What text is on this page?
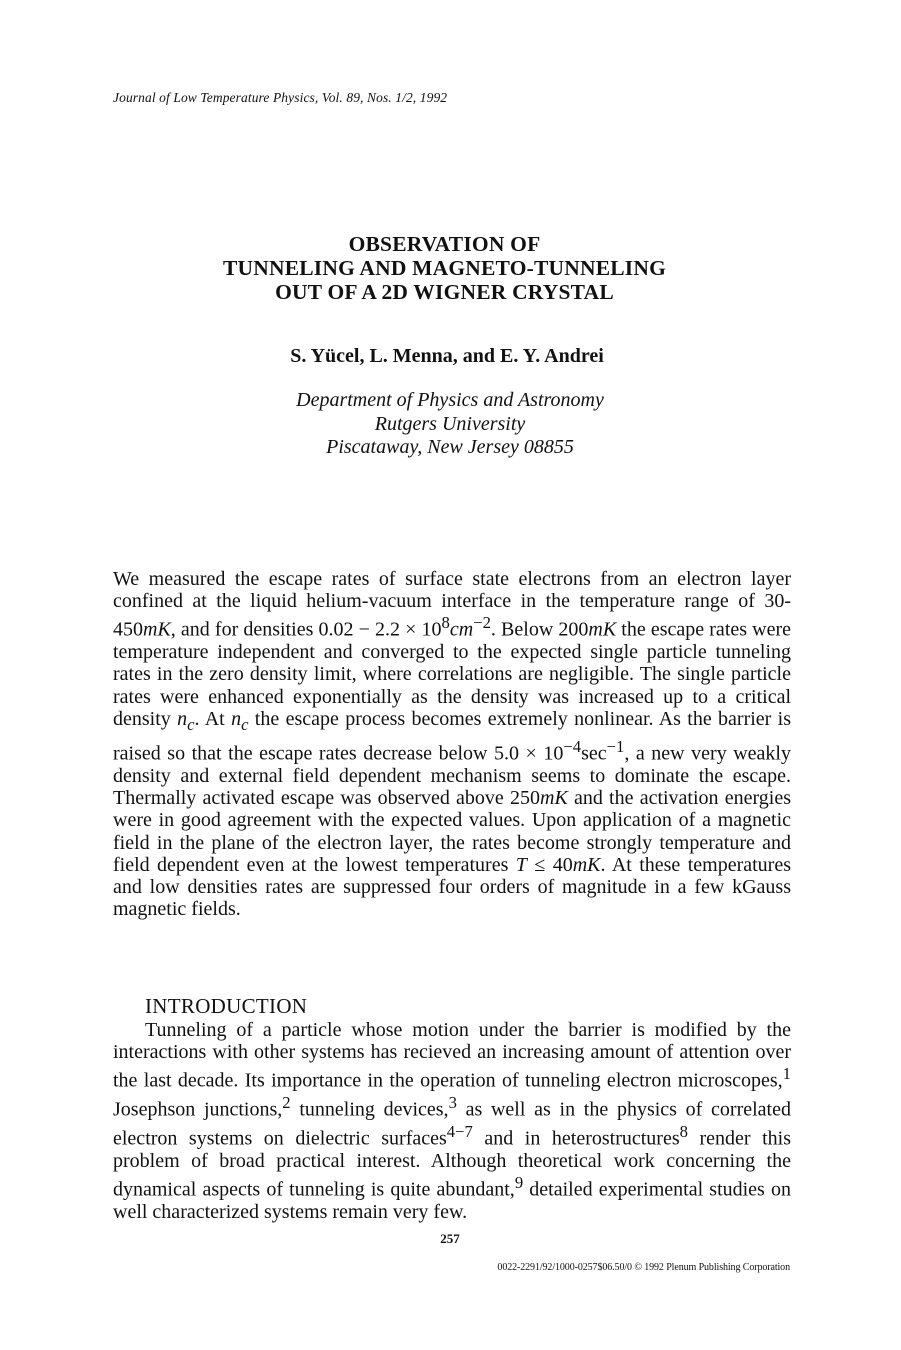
Journal of Low Temperature Physics, Vol. 89, Nos. 1/2, 1992
OBSERVATION OF
TUNNELING AND MAGNETO-TUNNELING
OUT OF A 2D WIGNER CRYSTAL
S. Yücel, L. Menna, and E. Y. Andrei
Department of Physics and Astronomy
Rutgers University
Piscataway, New Jersey 08855
We measured the escape rates of surface state electrons from an electron layer confined at the liquid helium-vacuum interface in the temperature range of 30-450mK, and for densities $0.02 - 2.2 \times 10^8cm^{-2}$. Below 200mK the escape rates were temperature independent and converged to the expected single particle tunneling rates in the zero density limit, where correlations are negligible. The single particle rates were enhanced exponentially as the density was increased up to a critical density $n_c$. At $n_c$ the escape process becomes extremely nonlinear. As the barrier is raised so that the escape rates decrease below $5.0 \times 10^{-4}\sec^{-1}$, a new very weakly density and external field dependent mechanism seems to dominate the escape. Thermally activated escape was observed above 250mK and the activation energies were in good agreement with the expected values. Upon application of a magnetic field in the plane of the electron layer, the rates become strongly temperature and field dependent even at the lowest temperatures T ≤ 40mK. At these temperatures and low densities rates are suppressed four orders of magnitude in a few kGauss magnetic fields.
INTRODUCTION

Tunneling of a particle whose motion under the barrier is modified by the interactions with other systems has recieved an increasing amount of attention over the last decade. Its importance in the operation of tunneling electron microscopes,$^1$ Josephson junctions,$^2$ tunneling devices,$^3$ as well as in the physics of correlated electron systems on dielectric surfaces$^{4-7}$ and in heterostructures$^8$ render this problem of broad practical interest. Although theoretical work concerning the dynamical aspects of tunneling is quite abundant,$^9$ detailed experimental studies on well characterized systems remain very few.

257
0022-2291/92/1000-0257$06.50/0 © 1992 Plenum Publishing Corporation
